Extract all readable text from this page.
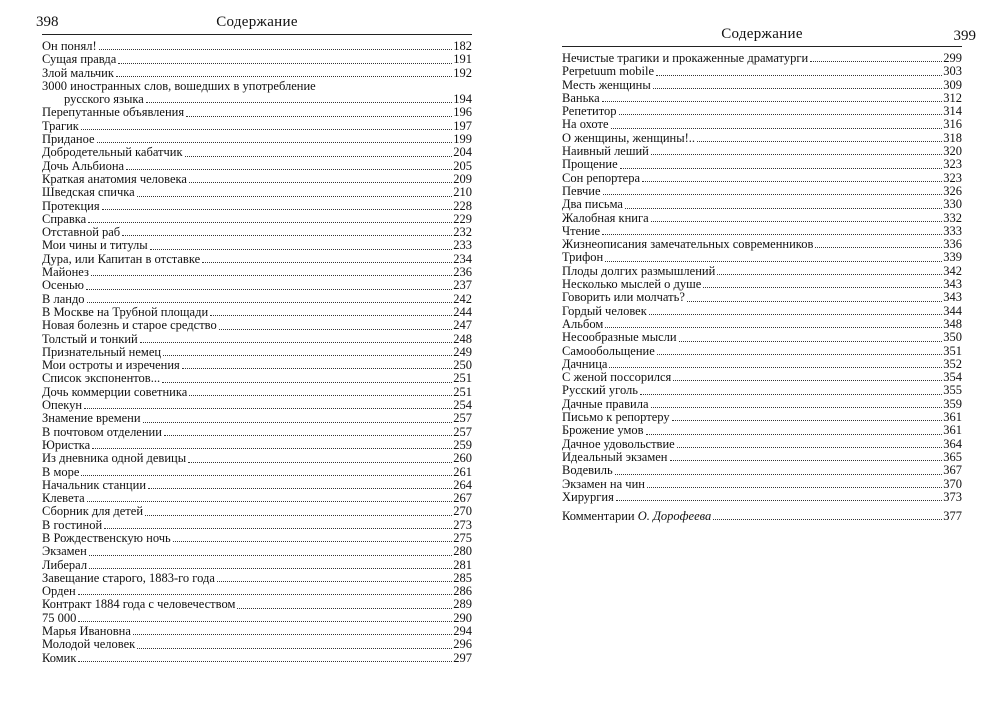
398	Содержание
Он понял!	182
Сущая правда	191
Злой мальчик	192
3000 иностранных слов, вошедших в употребление
русского языка	194
Перепутанные объявления	196
Трагик	197
Приданое	199
Добродетельный кабатчик	204
Дочь Альбиона	205
Краткая анатомия человека	209
Шведская спичка	210
Протекция	228
Справка	229
Отставной раб	232
Мои чины и титулы	233
Дура, или Капитан в отставке	234
Майонез	236
Осенью	237
В ландо	242
В Москве на Трубной площади	244
Новая болезнь и старое средство	247
Толстый и тонкий	248
Признательный немец	249
Мои остроты и изречения	250
Список экспонентов...	251
Дочь коммерции советника	251
Опекун	254
Знамение времени	257
В почтовом отделении	257
Юристка	259
Из дневника одной девицы	260
В море	261
Начальник станции	264
Клевета	267
Сборник для детей	270
В гостиной	273
В Рождественскую ночь	275
Экзамен	280
Либерал	281
Завещание старого, 1883-го года	285
Орден	286
Контракт 1884 года с человечеством	289
75 000	290
Марья Ивановна	294
Молодой человек	296
Комик	297
Содержание	399
Нечистые трагики и прокаженные драматурги	299
Perpetuum mobile	303
Месть женщины	309
Ванька	312
Репетитор	314
На охоте	316
О женщины, женщины!..	318
Наивный леший	320
Прощение	323
Сон репортера	323
Певчие	326
Два письма	330
Жалобная книга	332
Чтение	333
Жизнеописания замечательных современников	336
Трифон	339
Плоды долгих размышлений	342
Несколько мыслей о душе	343
Говорить или молчать?	343
Гордый человек	344
Альбом	348
Несообразные мысли	350
Самообольщение	351
Дачница	352
С женой поссорился	354
Русский уголь	355
Дачные правила	359
Письмо к репортеру	361
Брожение умов	361
Дачное удовольствие	364
Идеальный экзамен	365
Водевиль	367
Экзамен на чин	370
Хирургия	373
Комментарии О. Дорофеева	377
